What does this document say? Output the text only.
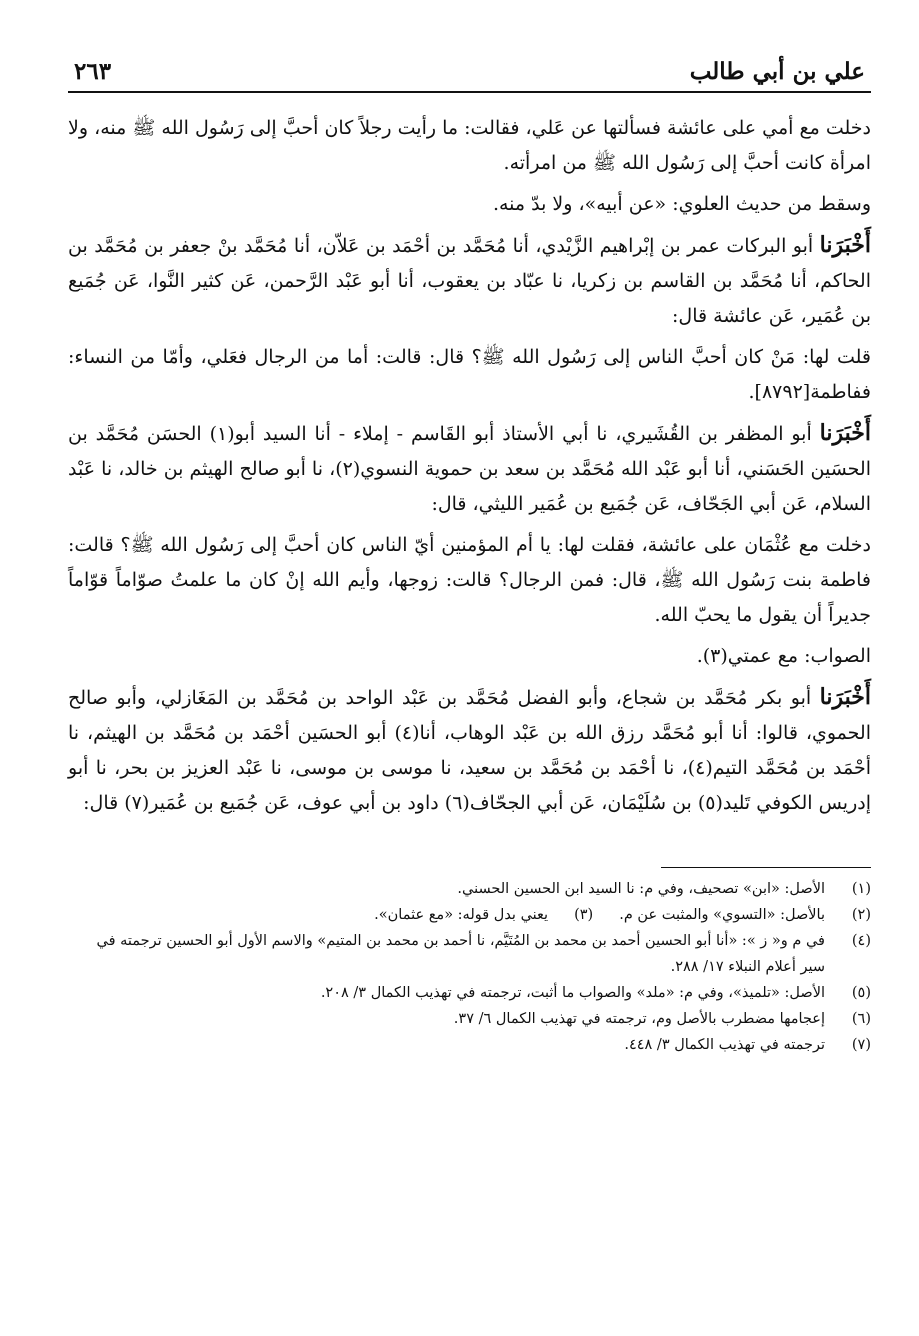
علي بن أبي طالب
٢٦٣

دخلت مع أمي على عائشة فسألتها عن عَلي، فقالت: ما رأيت رجلاً كان أحبَّ إلى رَسُول الله ﷺ منه، ولا امرأة كانت أحبَّ إلى رَسُول الله ﷺ من امرأته.

وسقط من حديث العلوي: «عن أبيه»، ولا بدّ منه.

أَخْبَرَنا أبو البركات عمر بن إبْراهيم الزَّيْدي، أنا مُحَمَّد بن أحْمَد بن عَلاّن، أنا مُحَمَّد بنْ جعفر بن مُحَمَّد بن الحاكم، أنا مُحَمَّد بن القاسم بن زكريا، نا عبّاد بن يعقوب، أنا أبو عَبْد الرَّحمن، عَن كثير النَّوا، عَن جُمَيع بن عُمَير، عَن عائشة قال:

قلت لها: مَنْ كان أحبَّ الناس إلى رَسُول الله ﷺ؟ قال: قالت: أما من الرجال فعَلي، وأمّا من النساء: ففاطمة[٨٧٩٢].

أَخْبَرَنا أبو المظفر بن القُشَيري، نا أبي الأستاذ أبو القَاسم - إملاء - أنا السيد أبو(١) الحسَن مُحَمَّد بن الحسَين الحَسَني، أنا أبو عَبْد الله مُحَمَّد بن سعد بن حموية النسوي(٢)، نا أبو صالح الهيثم بن خالد، نا عَبْد السلام، عَن أبي الجَحّاف، عَن جُمَيع بن عُمَير الليثي، قال:

دخلت مع عُثْمَان على عائشة، فقلت لها: يا أم المؤمنين أيّ الناس كان أحبَّ إلى رَسُول الله ﷺ؟ قالت: فاطمة بنت رَسُول الله ﷺ، قال: فمن الرجال؟ قالت: زوجها، وأيم الله إنْ كان ما علمتُ صوّاماً قوّاماً جديراً أن يقول ما يحبّ الله.

الصواب: مع عمتي(٣).

أَخْبَرَنا أبو بكر مُحَمَّد بن شجاع، وأبو الفضل مُحَمَّد بن عَبْد الواحد بن مُحَمَّد بن المَغَازلي، وأبو صالح الحموي، قالوا: أنا أبو مُحَمَّد رزق الله بن عَبْد الوهاب، أنا(٤) أبو الحسَين أحْمَد بن مُحَمَّد بن الهيثم، نا أحْمَد بن مُحَمَّد التيم(٤)، نا أحْمَد بن مُحَمَّد بن سعيد، نا موسى بن موسى، نا عَبْد العزيز بن بحر، نا أبو إدريس الكوفي تَليد(٥) بن سُلَيْمَان، عَن أبي الجحّاف(٦) داود بن أبي عوف، عَن جُمَيع بن عُمَير(٧) قال:

(١)
الأصل: «ابن» تصحيف، وفي م: نا السيد ابن الحسين الحسني.
(٢)
بالأصل: «التسوي» والمثبت عن م.
(٣)
يعني بدل قوله: «مع عثمان».
(٤)
في م و« ز »: «أنا أبو الحسين أحمد بن محمد بن المُتَيَّم، نا أحمد بن محمد بن المتيم» والاسم الأول أبو الحسين ترجمته في سير أعلام النبلاء ١٧/ ٢٨٨.
(٥)
الأصل: «تلميذ»، وفي م: «ملد» والصواب ما أثبت، ترجمته في تهذيب الكمال ٣/ ٢٠٨.
(٦)
إعجامها مضطرب بالأصل وم، ترجمته في تهذيب الكمال ٦/ ٣٧.
(٧)
ترجمته في تهذيب الكمال ٣/ ٤٤٨.
